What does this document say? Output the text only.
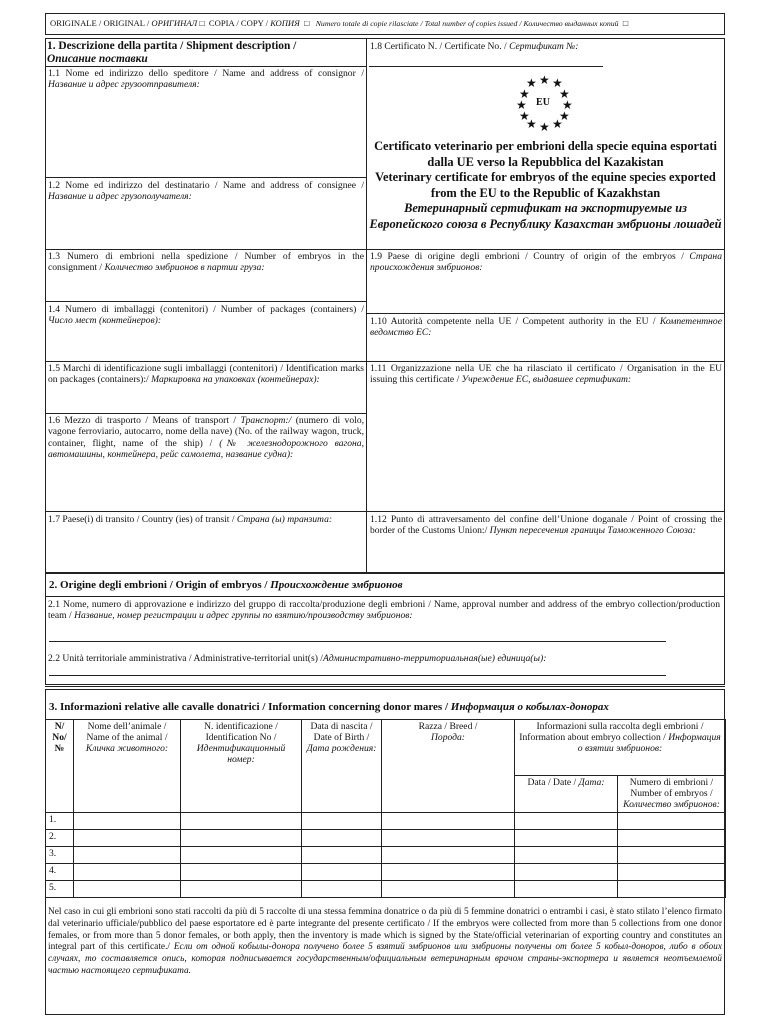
ORIGINALE / ORIGINAL / ОРИГИНАЛ □ COPIA / COPY / КОПИЯ □ Numero totale di copie rilasciate / Total number of copies issued / Количество выданных копий □
1. Descrizione della partita / Shipment description /
Описание поставки
1.1 Nome ed indirizzo dello speditore / Name and address of consignor / Название и адрес грузоотправителя:
1.2 Nome ed indirizzo del destinatario / Name and address of consignee / Название и адрес грузополучателя:
1.3 Numero di embrioni nella spedizione / Number of embryos in the consignment / Количество эмбрионов в партии груза:
1.4 Numero di imballaggi (contenitori) / Number of packages (containers) / Число мест (контейнеров):
1.5 Marchi di identificazione sugli imballaggi (contenitori) / Identification marks on packages (containers):/ Маркировка на упаковках (контейнерах):
1.6 Mezzo di trasporto / Means of transport / Транспорт:/ (numero di volo, vagone ferroviario, autocarro, nome della nave) (No. of the railway wagon, truck, container, flight, name of the ship) / (№ железнодорожного вагона, автомашины, контейнера, рейс самолета, название судна):
1.7 Paese(i) di transito / Country (ies) of transit / Страна (ы) транзита:
1.8 Certificato N. / Certificate No. / Сертификат №:
★ ★
★
★
★
★
★
★
★
★
★ ★
EU
Certificato veterinario per embrioni della specie equina esportati dalla UE verso la Repubblica del Kazakistan
Veterinary certificate for embryos of the equine species exported from the EU to the Republic of Kazakhstan
Ветеринарный сертификат на экспортируемые из Европейского союза в Республику Казахстан эмбрионы лошадей
1.9 Paese di origine degli embrioni / Country of origin of the embryos / Страна происхождения эмбрионов:
1.10 Autorità competente nella UE / Competent authority in the EU / Компетентное ведомство ЕС:
1.11 Organizzazione nella UE che ha rilasciato il certificato / Organisation in the EU issuing this certificate / Учреждение ЕС, выдавшее сертификат:
1.12 Punto di attraversamento del confine dell’Unione doganale / Point of crossing the border of the Customs Union:/ Пункт пересечения границы Таможенного Союза:
2. Origine degli embrioni / Origin of embryos / Происхождение эмбрионов
2.1 Nome, numero di approvazione e indirizzo del gruppo di raccolta/produzione degli embrioni / Name, approval number and address of the embryo collection/production team / Название, номер регистрации и адрес группы по взятию/производству эмбрионов:
2.2 Unità territoriale amministrativa / Administrative-territorial unit(s) /Административно-территориальная(ые) единица(ы):
3. Informazioni relative alle cavalle donatrici / Information concerning donor mares / Информация о кобылах-донорах
N/ No/ №	Nome dell’animale / Name of the animal / Кличка животного:	N. identificazione / Identification No / Идентификационный номер:	Data di nascita / Date of Birth / Дата рождения:	Razza / Breed / Порода:	Informazioni sulla raccolta degli embrioni / Information about embryo collection / Информация о взятии эмбрионов:	
					Data / Date / Дата:	Numero di embrioni / Number of embryos / Количество эмбрионов:
1.						
2.						
3.						
4.						
5.						
Nel caso in cui gli embrioni sono stati raccolti da più di 5 raccolte di una stessa femmina donatrice o da più di 5 femmine donatrici o entrambi i casi, è stato stilato l’elenco firmato dal veterinario ufficiale/pubblico del paese esportatore ed è parte integrante del presente certificato / If the embryos were collected from more than 5 collections from one donor females, or from more than 5 donor females, or both apply, then the inventory is made which is signed by the State/official veterinarian of exporting country and constitutes an integral part of this certificate./ Если от одной кобылы-донора получено более 5 взятий эмбрионов или эмбрионы получены от более 5 кобыл-доноров, либо в обоих случаях, то составляется опись, которая подписывается государственным/официальным ветеринарным врачом страны-экспортера и является неотъемлемой частью настоящего сертификата.
